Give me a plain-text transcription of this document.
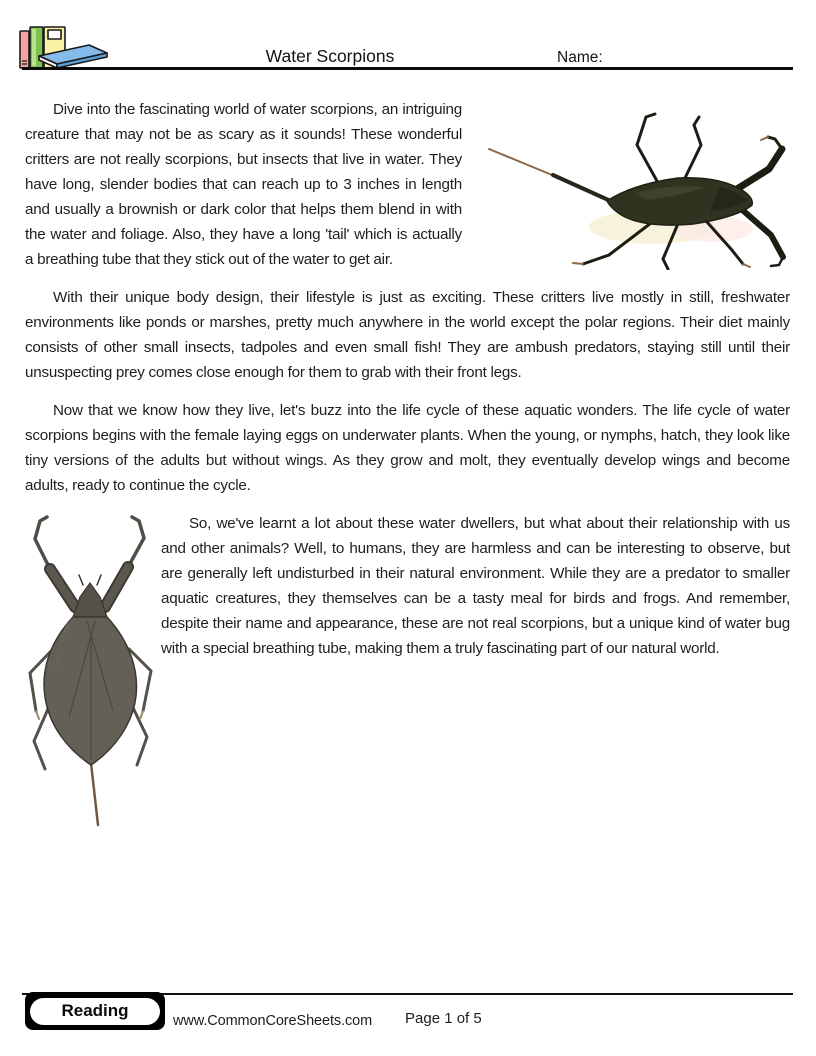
Water Scorpions	Name:

Dive into the fascinating world of water scorpions, an intriguing creature that may not be as scary as it sounds! These wonderful critters are not really scorpions, but insects that live in water. They have long, slender bodies that can reach up to 3 inches in length and usually a brownish or dark color that helps them blend in with the water and foliage. Also, they have a long 'tail' which is actually a breathing tube that they stick out of the water to get air.

With their unique body design, their lifestyle is just as exciting. These critters live mostly in still, freshwater environments like ponds or marshes, pretty much anywhere in the world except the polar regions. Their diet mainly consists of other small insects, tadpoles and even small fish! They are ambush predators, staying still until their unsuspecting prey comes close enough for them to grab with their front legs.

Now that we know how they live, let's buzz into the life cycle of these aquatic wonders. The life cycle of water scorpions begins with the female laying eggs on underwater plants. When the young, or nymphs, hatch, they look like tiny versions of the adults but without wings. As they grow and molt, they eventually develop wings and become adults, ready to continue the cycle.

So, we've learnt a lot about these water dwellers, but what about their relationship with us and other animals? Well, to humans, they are harmless and can be interesting to observe, but are generally left undisturbed in their natural environment. While they are a predator to smaller aquatic creatures, they themselves can be a tasty meal for birds and frogs. And remember, despite their name and appearance, these are not real scorpions, but a unique kind of water bug with a special breathing tube, making them a truly fascinating part of our natural world.

Reading
www.CommonCoreSheets.com Page 1 of 5
